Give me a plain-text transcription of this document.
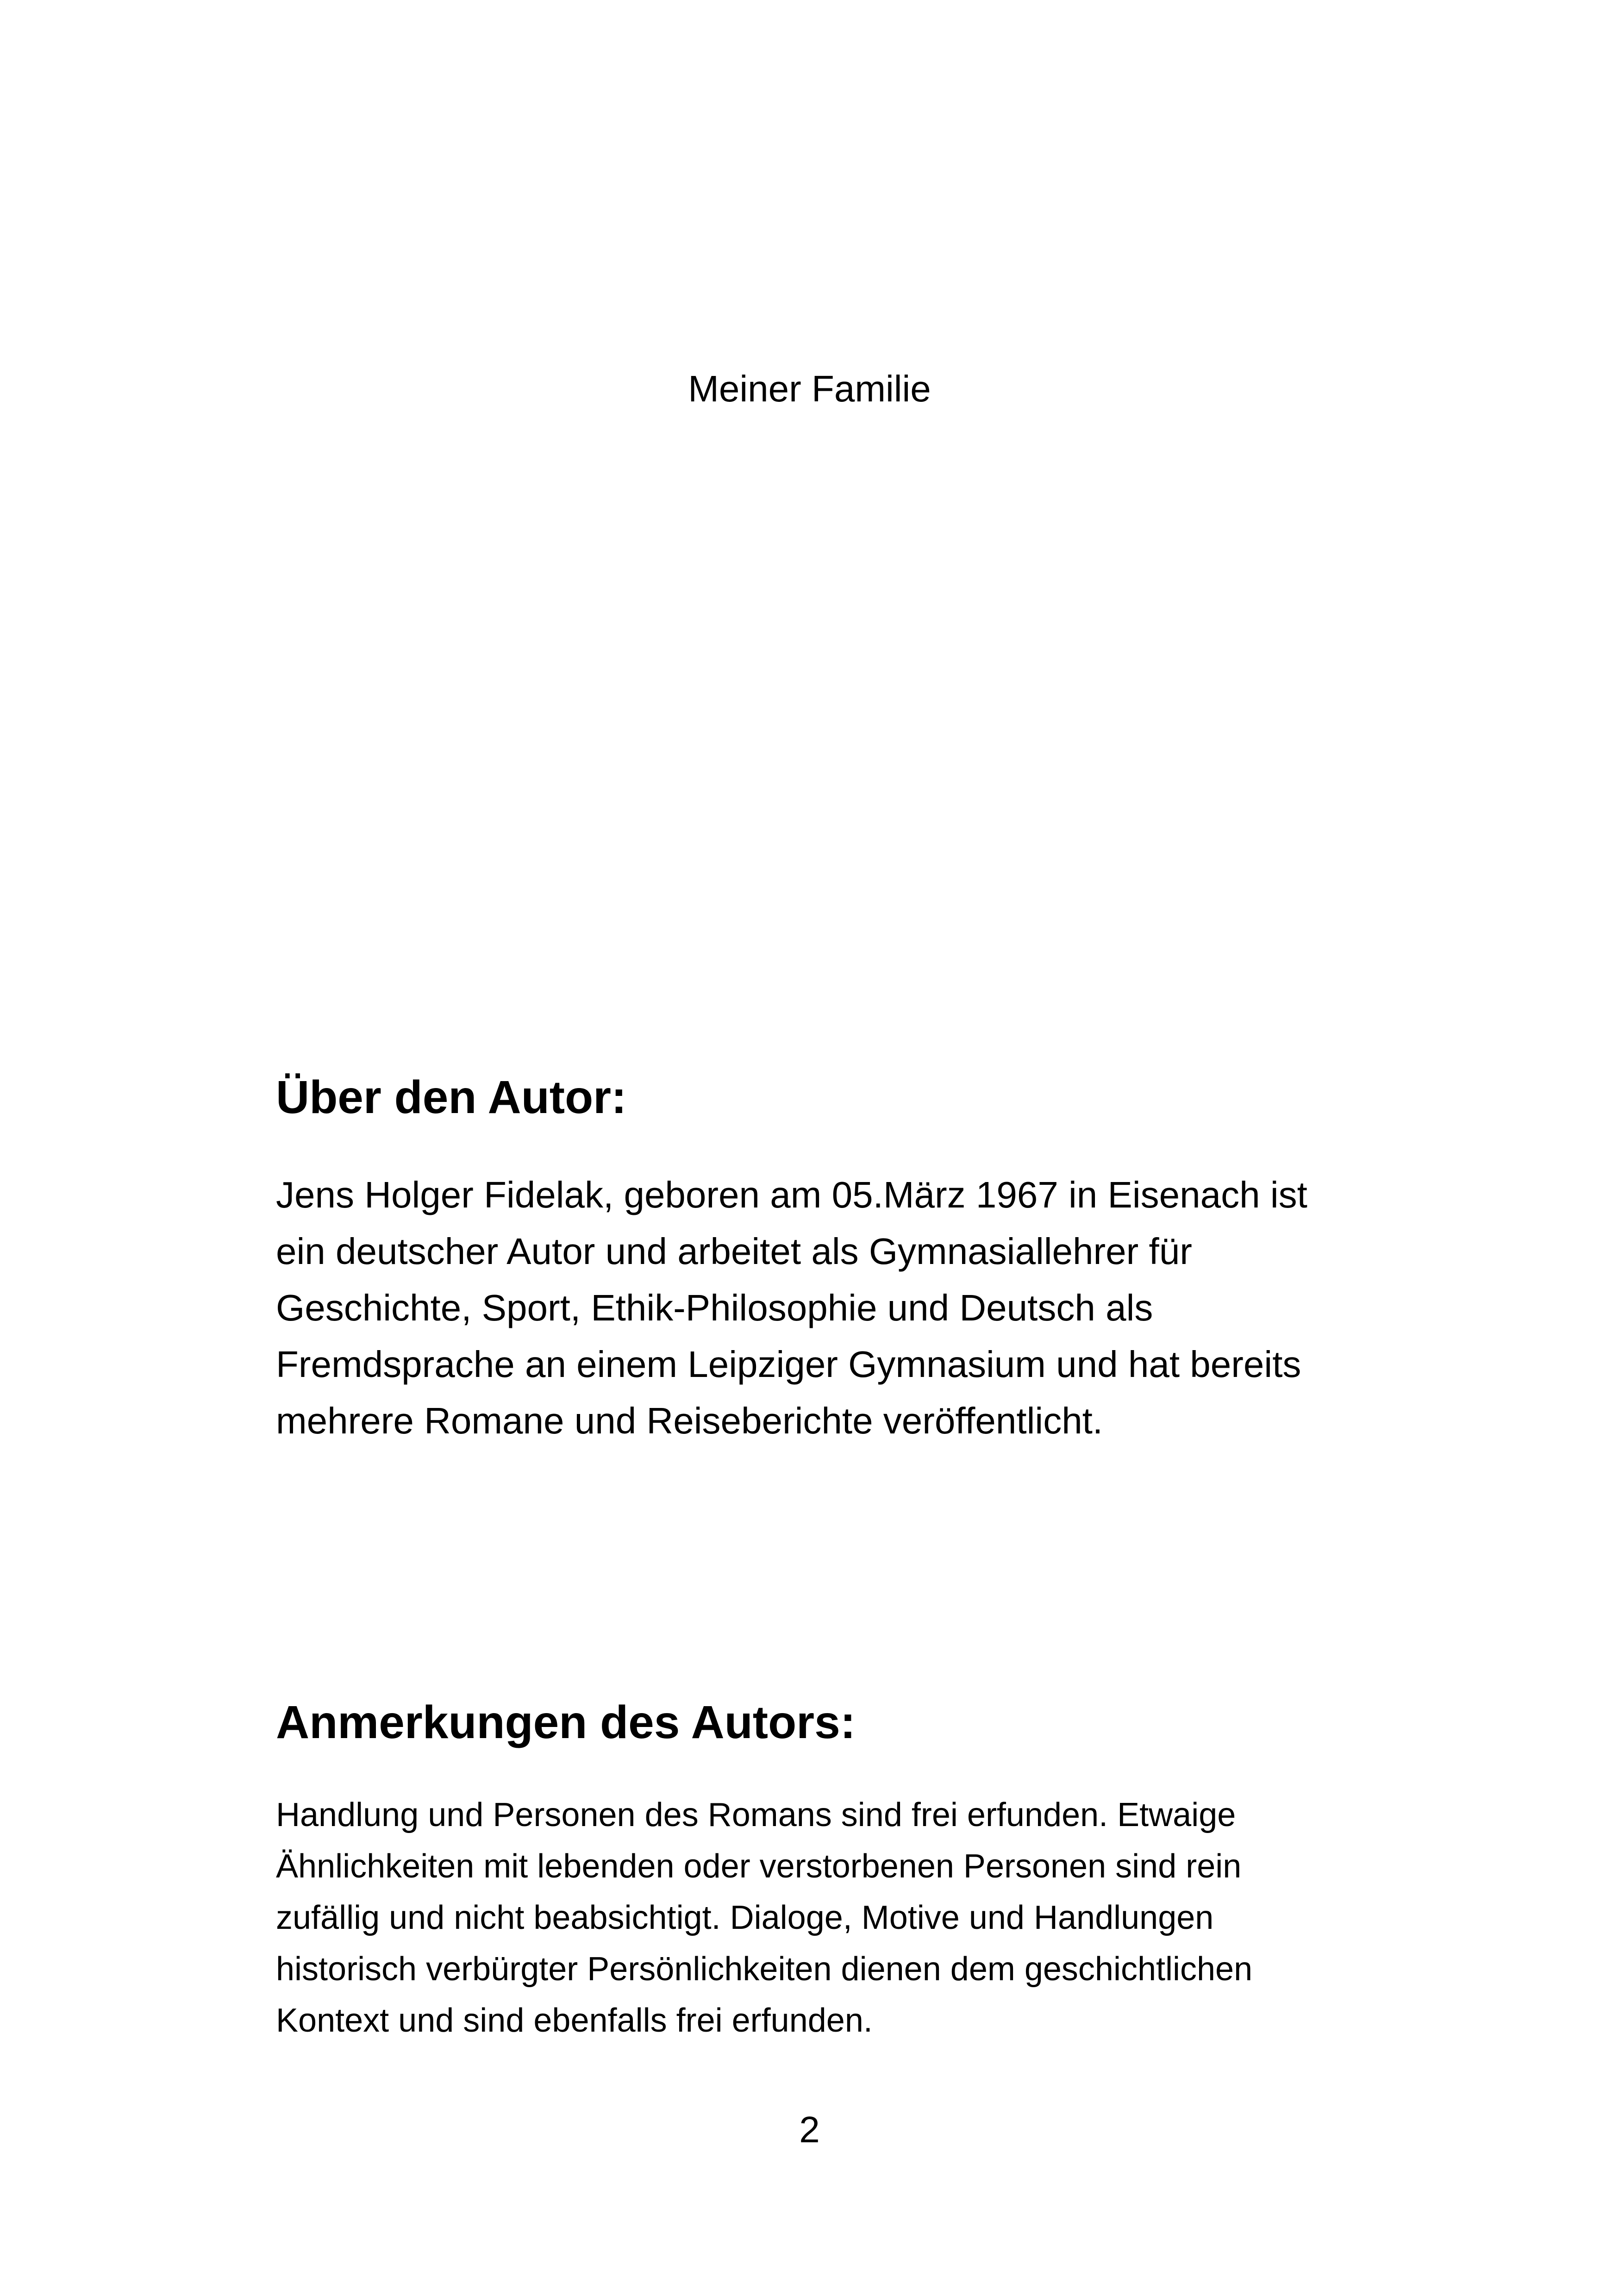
Meiner Familie
Über den Autor:
Jens Holger Fidelak, geboren am 05.März 1967 in Eisenach ist
ein deutscher Autor und arbeitet als Gymnasiallehrer für
Geschichte, Sport, Ethik-Philosophie und Deutsch als
Fremdsprache an einem Leipziger Gymnasium und hat bereits
mehrere Romane und Reiseberichte veröffentlicht.
Anmerkungen des Autors:
Handlung und Personen des Romans sind frei erfunden. Etwaige
Ähnlichkeiten mit lebenden oder verstorbenen Personen sind rein
zufällig und nicht beabsichtigt. Dialoge, Motive und Handlungen
historisch verbürgter Persönlichkeiten dienen dem geschichtlichen
Kontext und sind ebenfalls frei erfunden.
2
